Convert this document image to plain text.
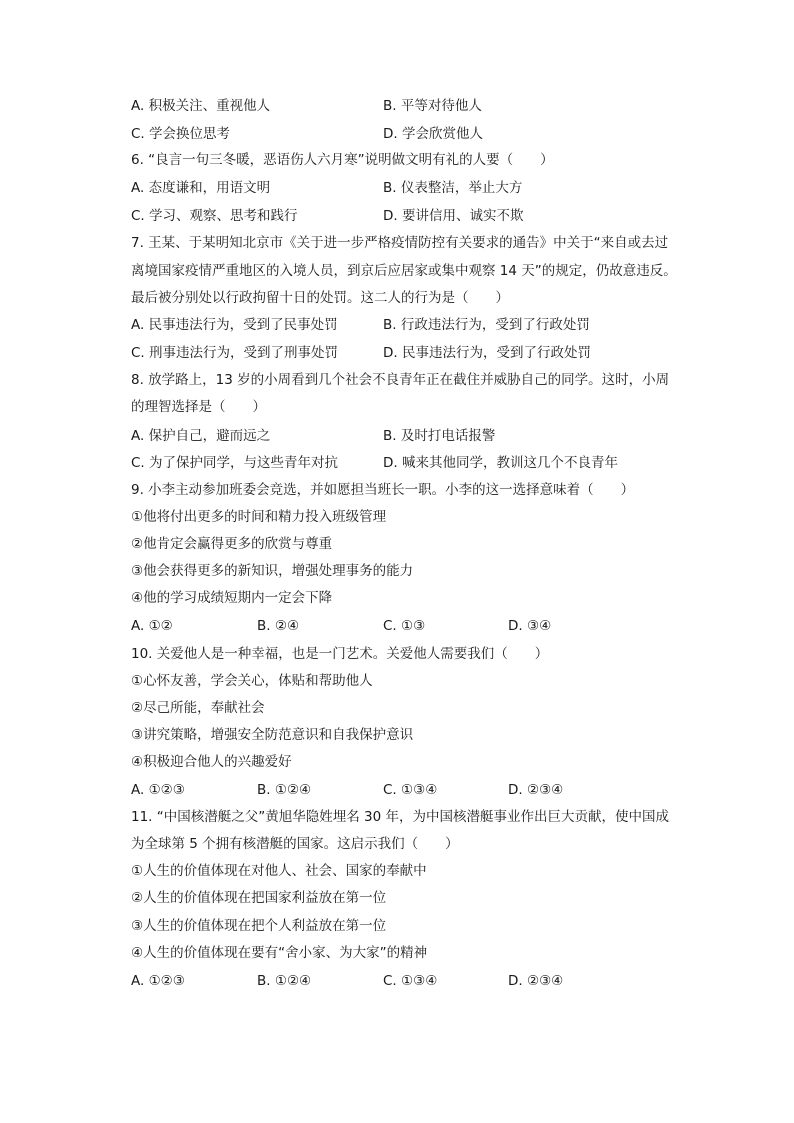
A. 积极关注、重视他人	B. 平等对待他人
C. 学会换位思考	D. 学会欣赏他人
6. “良言一句三冬暖，恶语伤人六月寒”说明做文明有礼的人要（　　）
A. 态度谦和，用语文明	B. 仪表整洁，举止大方
C. 学习、观察、思考和践行	D. 要讲信用、诚实不欺
7. 王某、于某明知北京市《关于进一步严格疫情防控有关要求的通告》中关于“来自或去过
离境国家疫情严重地区的入境人员，到京后应居家或集中观察 14 天”的规定，仍故意违反。
最后被分别处以行政拘留十日的处罚。这二人的行为是（　　）
A. 民事违法行为，受到了民事处罚	B. 行政违法行为，受到了行政处罚
C. 刑事违法行为，受到了刑事处罚	D. 民事违法行为，受到了行政处罚
8. 放学路上，13 岁的小周看到几个社会不良青年正在截住并威胁自己的同学。这时，小周
的理智选择是（　　）
A. 保护自己，避而远之	B. 及时打电话报警
C. 为了保护同学，与这些青年对抗	D. 喊来其他同学，教训这几个不良青年
9. 小李主动参加班委会竞选，并如愿担当班长一职。小李的这一选择意味着（　　）
①他将付出更多的时间和精力投入班级管理
②他肯定会赢得更多的欣赏与尊重
③他会获得更多的新知识，增强处理事务的能力
④他的学习成绩短期内一定会下降
A. ①②	B. ②④	C. ①③	D. ③④
10. 关爱他人是一种幸福，也是一门艺术。关爱他人需要我们（　　）
①心怀友善，学会关心，体贴和帮助他人
②尽己所能，奉献社会
③讲究策略，增强安全防范意识和自我保护意识
④积极迎合他人的兴趣爱好
A. ①②③	B. ①②④	C. ①③④	D. ②③④
11. “中国核潜艇之父”黄旭华隐姓埋名 30 年，为中国核潜艇事业作出巨大贡献，使中国成
为全球第 5 个拥有核潜艇的国家。这启示我们（　　）
①人生的价值体现在对他人、社会、国家的奉献中
②人生的价值体现在把国家利益放在第一位
③人生的价值体现在把个人利益放在第一位
④人生的价值体现在要有“舍小家、为大家”的精神
A. ①②③	B. ①②④	C. ①③④	D. ②③④
